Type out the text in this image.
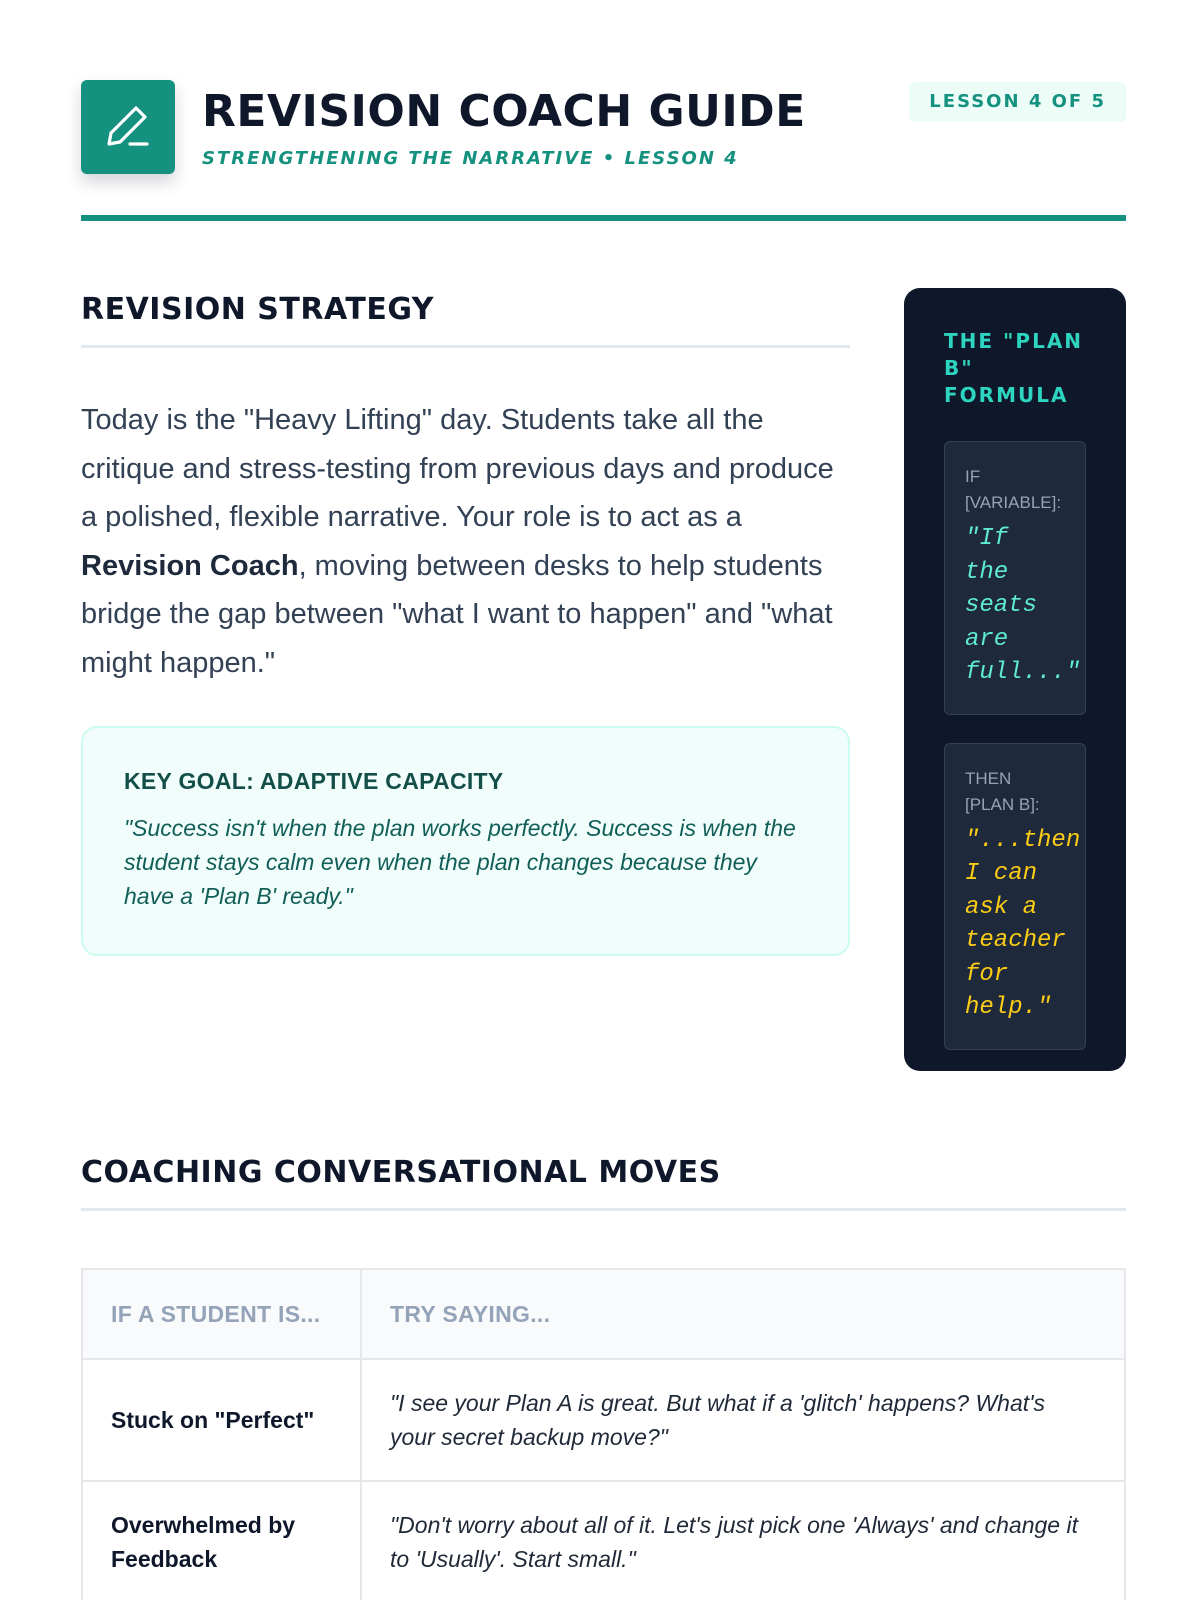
REVISION COACH GUIDE
STRENGTHENING THE NARRATIVE • LESSON 4
LESSON 4 OF 5
REVISION STRATEGY

Today is the "Heavy Lifting" day. Students take all the critique and stress-testing from previous days and produce a polished, flexible narrative. Your role is to act as a Revision Coach, moving between desks to help students bridge the gap between "what I want to happen" and "what might happen."

KEY GOAL: ADAPTIVE CAPACITY
"Success isn't when the plan works perfectly. Success is when the student stays calm even when the plan changes because they have a 'Plan B' ready."
THE "PLAN B" FORMULA
IF [VARIABLE]:
"If the seats are full..."
THEN [PLAN B]:
"...then I can ask a teacher for help."
COACHING CONVERSATIONAL MOVES
IF A STUDENT IS...	TRY SAYING...
Stuck on "Perfect"	"I see your Plan A is great. But what if a 'glitch' happens? What's your secret backup move?"
Overwhelmed by Feedback	"Don't worry about all of it. Let's just pick one 'Always' and change it to 'Usually'. Start small."
